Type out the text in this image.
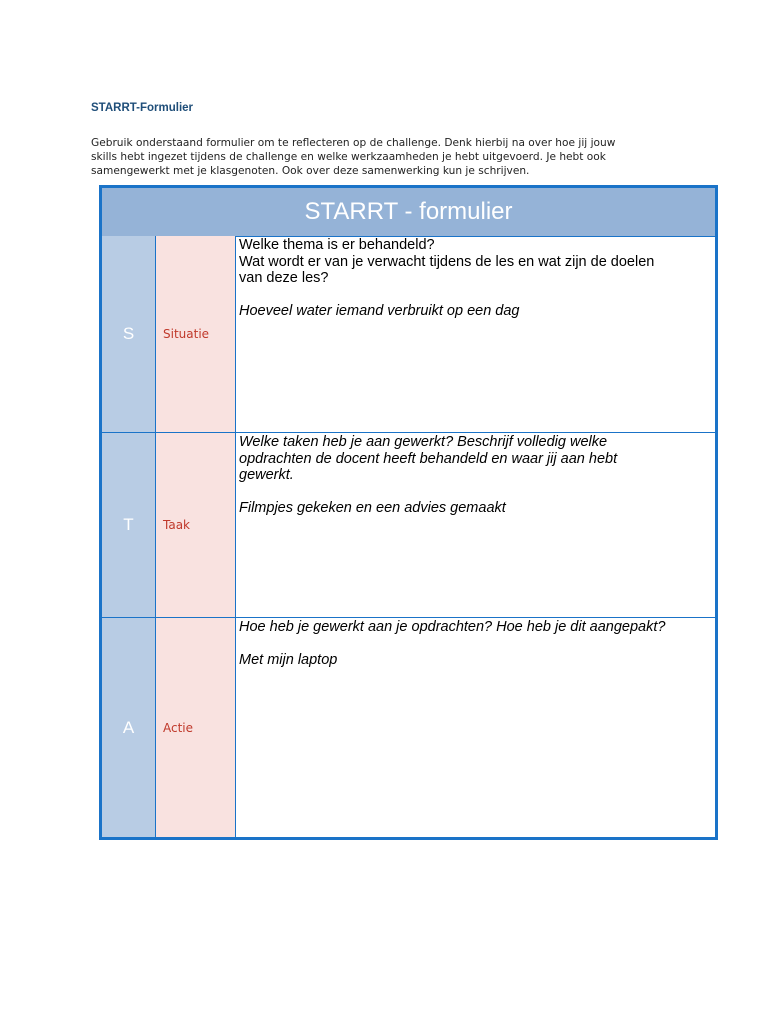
STARRT-Formulier

Gebruik onderstaand formulier om te reflecteren op de challenge. Denk hierbij na over hoe jij jouw

skills hebt ingezet tijdens de challenge en welke werkzaamheden je hebt uitgevoerd. Je hebt ook

samengewerkt met je klasgenoten. Ook over deze samenwerking kun je schrijven.

STARRT - formulier
S	Situatie

Welke thema is er behandeld?

Wat wordt er van je verwacht tijdens de les en wat zijn de doelen

van deze les?

Hoeveel water iemand verbruikt op een dag

T	Taak

Welke taken heb je aan gewerkt? Beschrijf volledig welke

opdrachten de docent heeft behandeld en waar jij aan hebt

gewerkt.

Filmpjes gekeken en een advies gemaakt

A	Actie

Hoe heb je gewerkt aan je opdrachten? Hoe heb je dit aangepakt?

Met mijn laptop
